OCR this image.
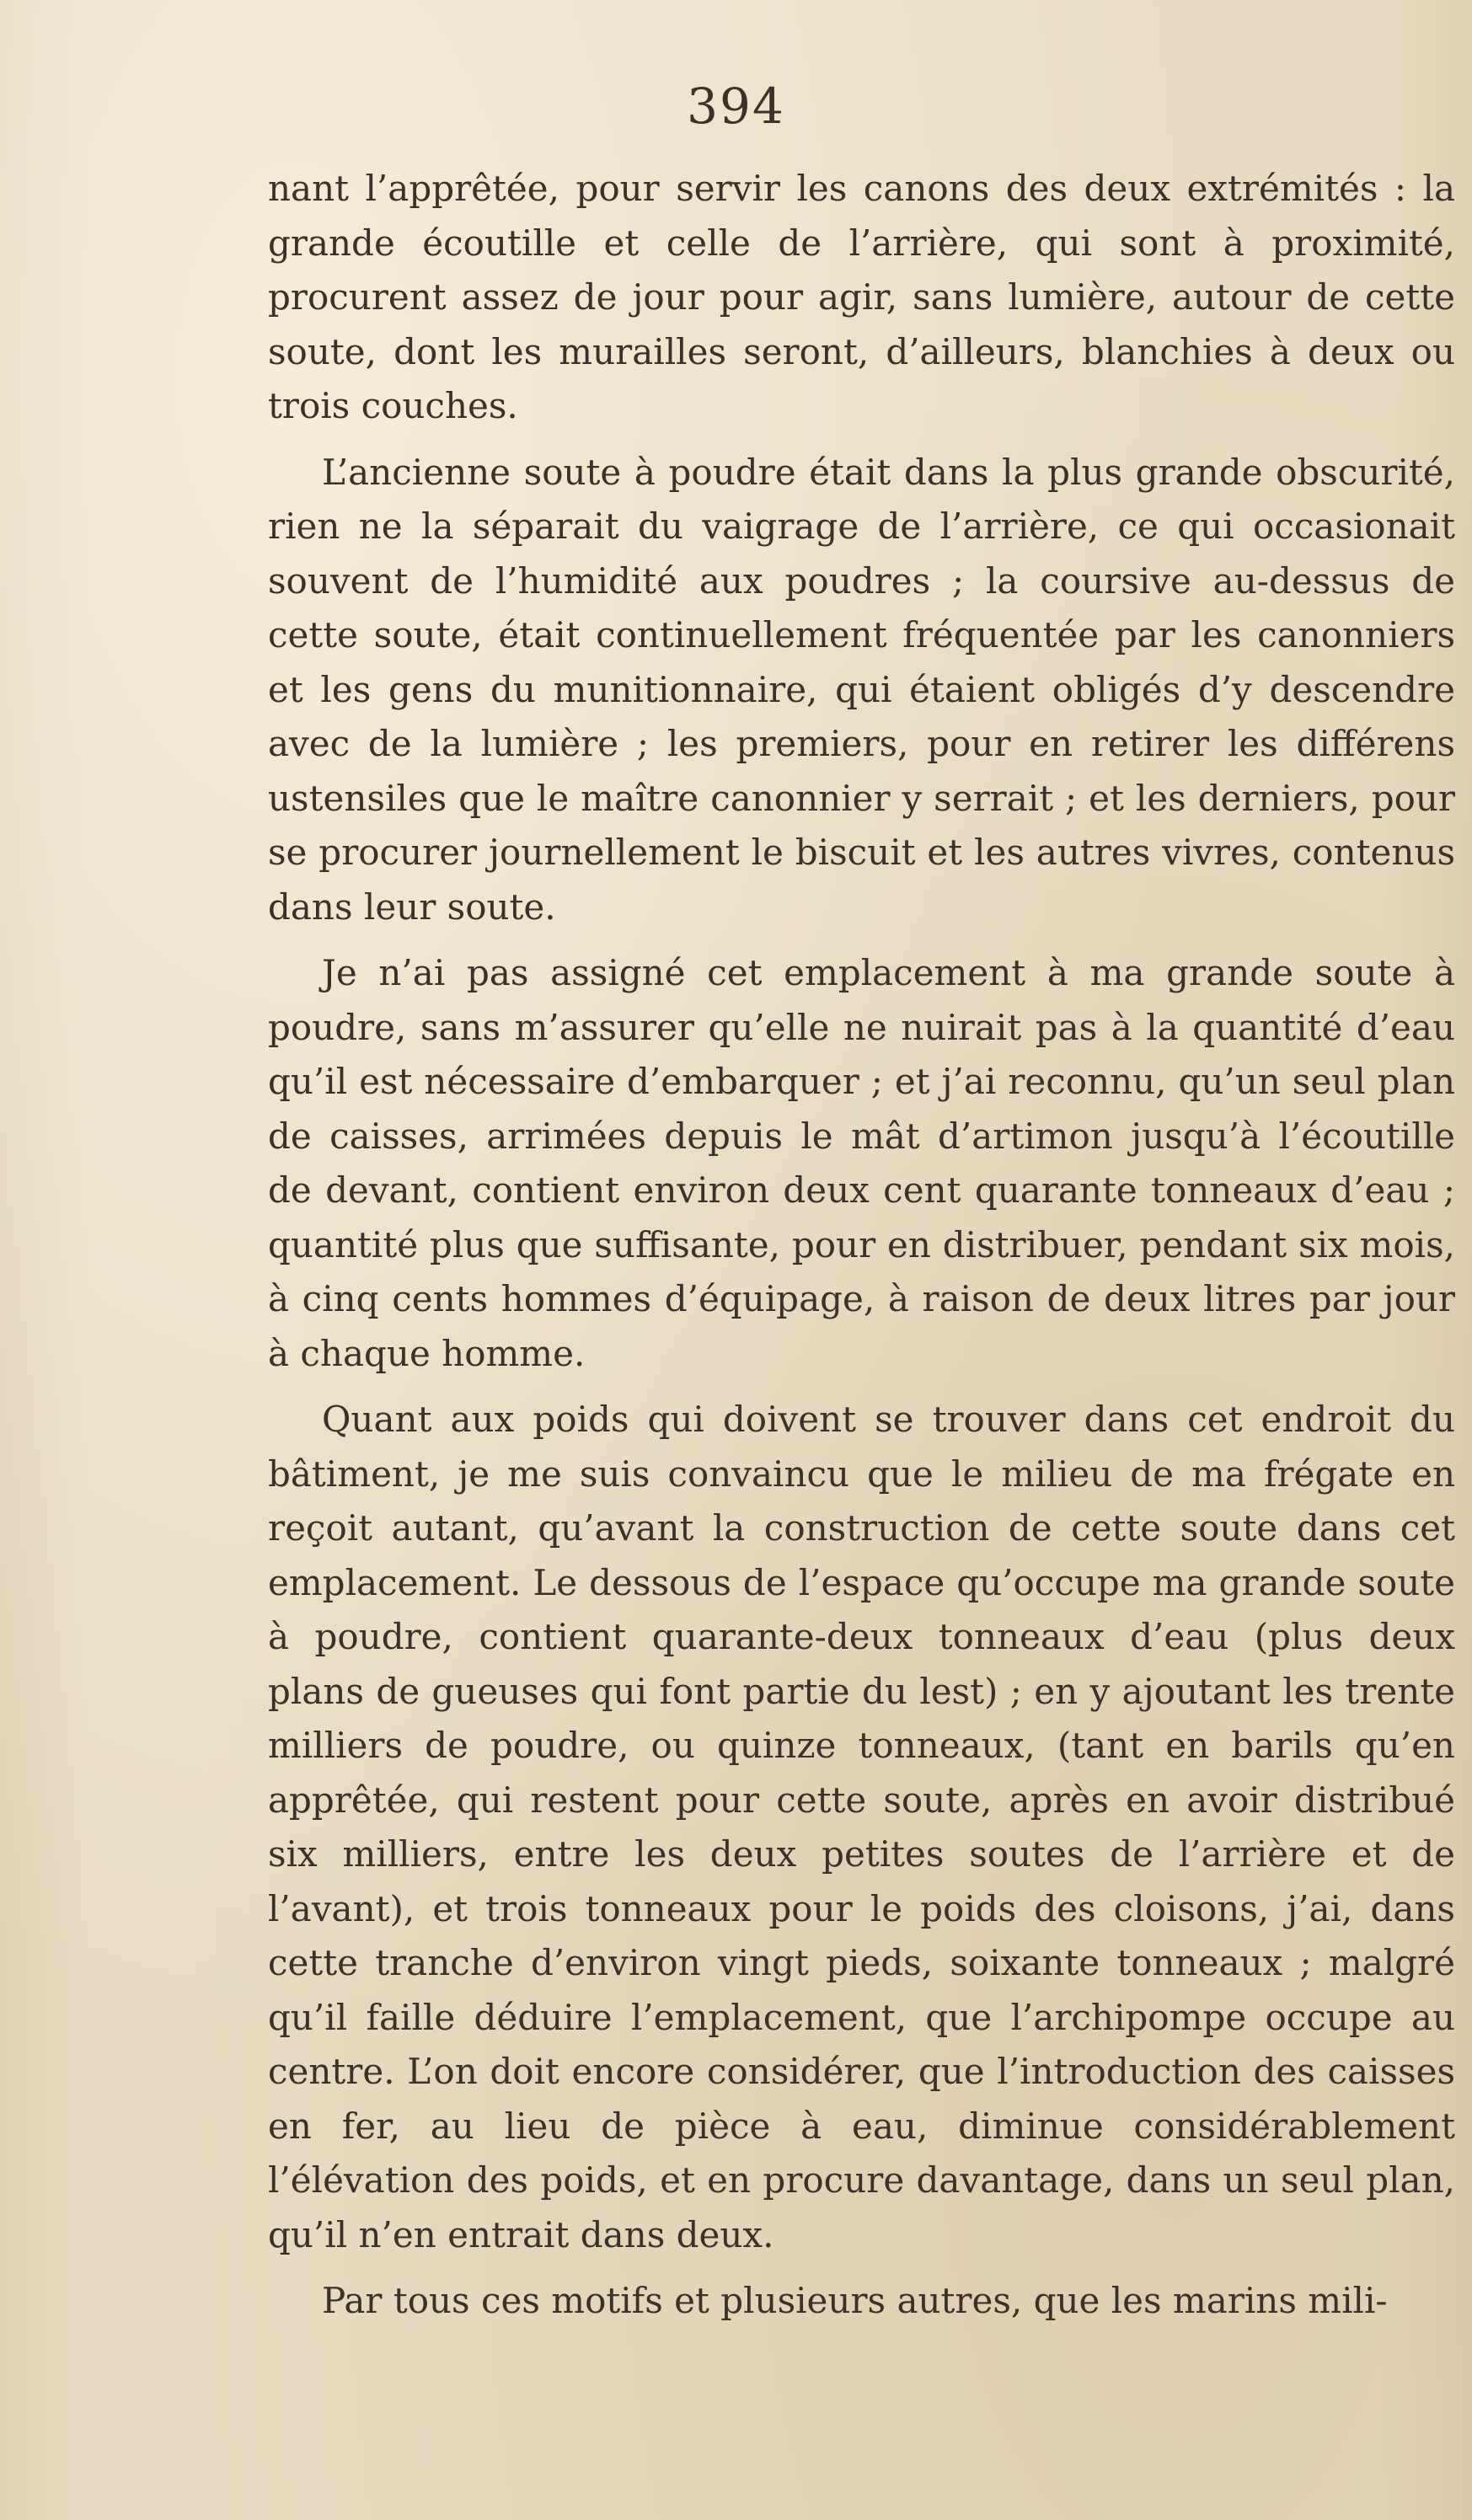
394

nant l’apprêtée, pour servir les canons des deux extrémités : la grande écoutille et celle de l’arrière, qui sont à proximité, procurent assez de jour pour agir, sans lumière, autour de cette soute, dont les murailles seront, d’ailleurs, blanchies à deux ou trois couches.

L’ancienne soute à poudre était dans la plus grande obscurité, rien ne la séparait du vaigrage de l’arrière, ce qui occasionait souvent de l’humidité aux poudres ; la coursive au-dessus de cette soute, était continuellement fréquentée par les canonniers et les gens du munitionnaire, qui étaient obligés d’y descendre avec de la lumière ; les premiers, pour en retirer les différens ustensiles que le maître canonnier y serrait ; et les derniers, pour se procurer journellement le biscuit et les autres vivres, contenus dans leur soute.

Je n’ai pas assigné cet emplacement à ma grande soute à poudre, sans m’assurer qu’elle ne nuirait pas à la quantité d’eau qu’il est nécessaire d’embarquer ; et j’ai reconnu, qu’un seul plan de caisses, arrimées depuis le mât d’artimon jusqu’à l’écoutille de devant, contient environ deux cent quarante tonneaux d’eau ; quantité plus que suffisante, pour en distribuer, pendant six mois, à cinq cents hommes d’équipage, à raison de deux litres par jour à chaque homme.

Quant aux poids qui doivent se trouver dans cet endroit du bâtiment, je me suis convaincu que le milieu de ma frégate en reçoit autant, qu’avant la construction de cette soute dans cet emplacement. Le dessous de l’espace qu’occupe ma grande soute à poudre, contient quarante-deux tonneaux d’eau (plus deux plans de gueuses qui font partie du lest) ; en y ajoutant les trente milliers de poudre, ou quinze tonneaux, (tant en barils qu’en apprêtée, qui restent pour cette soute, après en avoir distribué six milliers, entre les deux petites soutes de l’arrière et de l’avant), et trois tonneaux pour le poids des cloisons, j’ai, dans cette tranche d’environ vingt pieds, soixante tonneaux ; malgré qu’il faille déduire l’emplacement, que l’archipompe occupe au centre. L’on doit encore considérer, que l’introduction des caisses en fer, au lieu de pièce à eau, diminue considérablement l’élévation des poids, et en procure davantage, dans un seul plan, qu’il n’en entrait dans deux.

Par tous ces motifs et plusieurs autres, que les marins mili-
